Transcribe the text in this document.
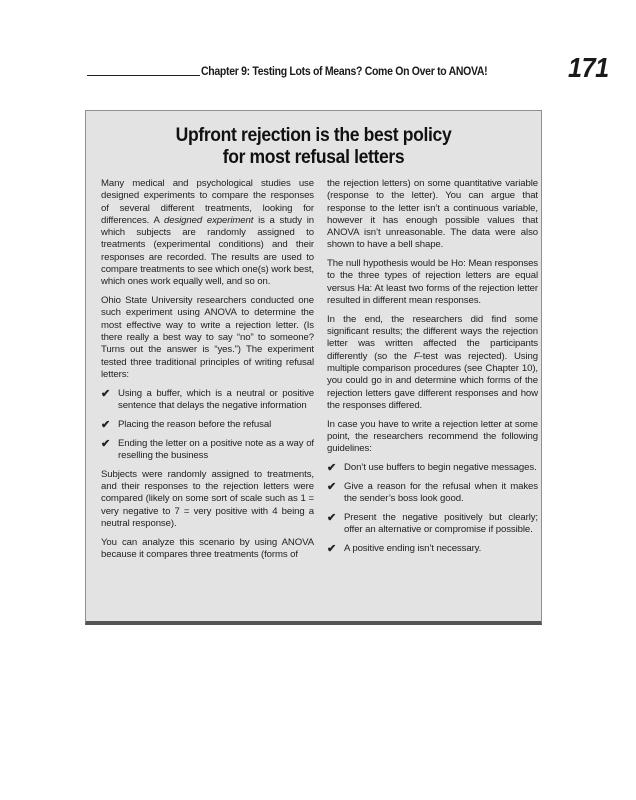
Chapter 9: Testing Lots of Means? Come On Over to ANOVA!	171
Upfront rejection is the best policy
for most refusal letters

Many medical and psychological studies use designed experiments to compare the responses of several different treatments, looking for differences. A designed experiment is a study in which subjects are randomly assigned to treatments (experimental conditions) and their responses are recorded. The results are used to compare treatments to see which one(s) work best, which ones work equally well, and so on.

Ohio State University researchers conducted one such experiment using ANOVA to determine the most effective way to write a rejection letter. (Is there really a best way to say “no” to someone? Turns out the answer is “yes.”) The experiment tested three traditional principles of writing refusal letters:

✔ Using a buffer, which is a neutral or positive sentence that delays the negative information
✔ Placing the reason before the refusal
✔ Ending the letter on a positive note as a way of reselling the business

Subjects were randomly assigned to treatments, and their responses to the rejection letters were compared (likely on some sort of scale such as 1 = very negative to 7 = very positive with 4 being a neutral response).

You can analyze this scenario by using ANOVA because it compares three treatments (forms of

the rejection letters) on some quantitative variable (response to the letter). You can argue that response to the letter isn’t a continuous variable, however it has enough possible values that ANOVA isn’t unreasonable. The data were also shown to have a bell shape.

The null hypothesis would be Ho: Mean responses to the three types of rejection letters are equal versus Ha: At least two forms of the rejection letter resulted in different mean responses.

In the end, the researchers did find some significant results; the different ways the rejection letter was written affected the participants differently (so the F-test was rejected). Using multiple comparison procedures (see Chapter 10), you could go in and determine which forms of the rejection letters gave different responses and how the responses differed.

In case you have to write a rejection letter at some point, the researchers recommend the following guidelines:

✔ Don’t use buffers to begin negative messages.
✔ Give a reason for the refusal when it makes the sender’s boss look good.
✔ Present the negative positively but clearly; offer an alternative or compromise if possible.
✔ A positive ending isn’t necessary.
